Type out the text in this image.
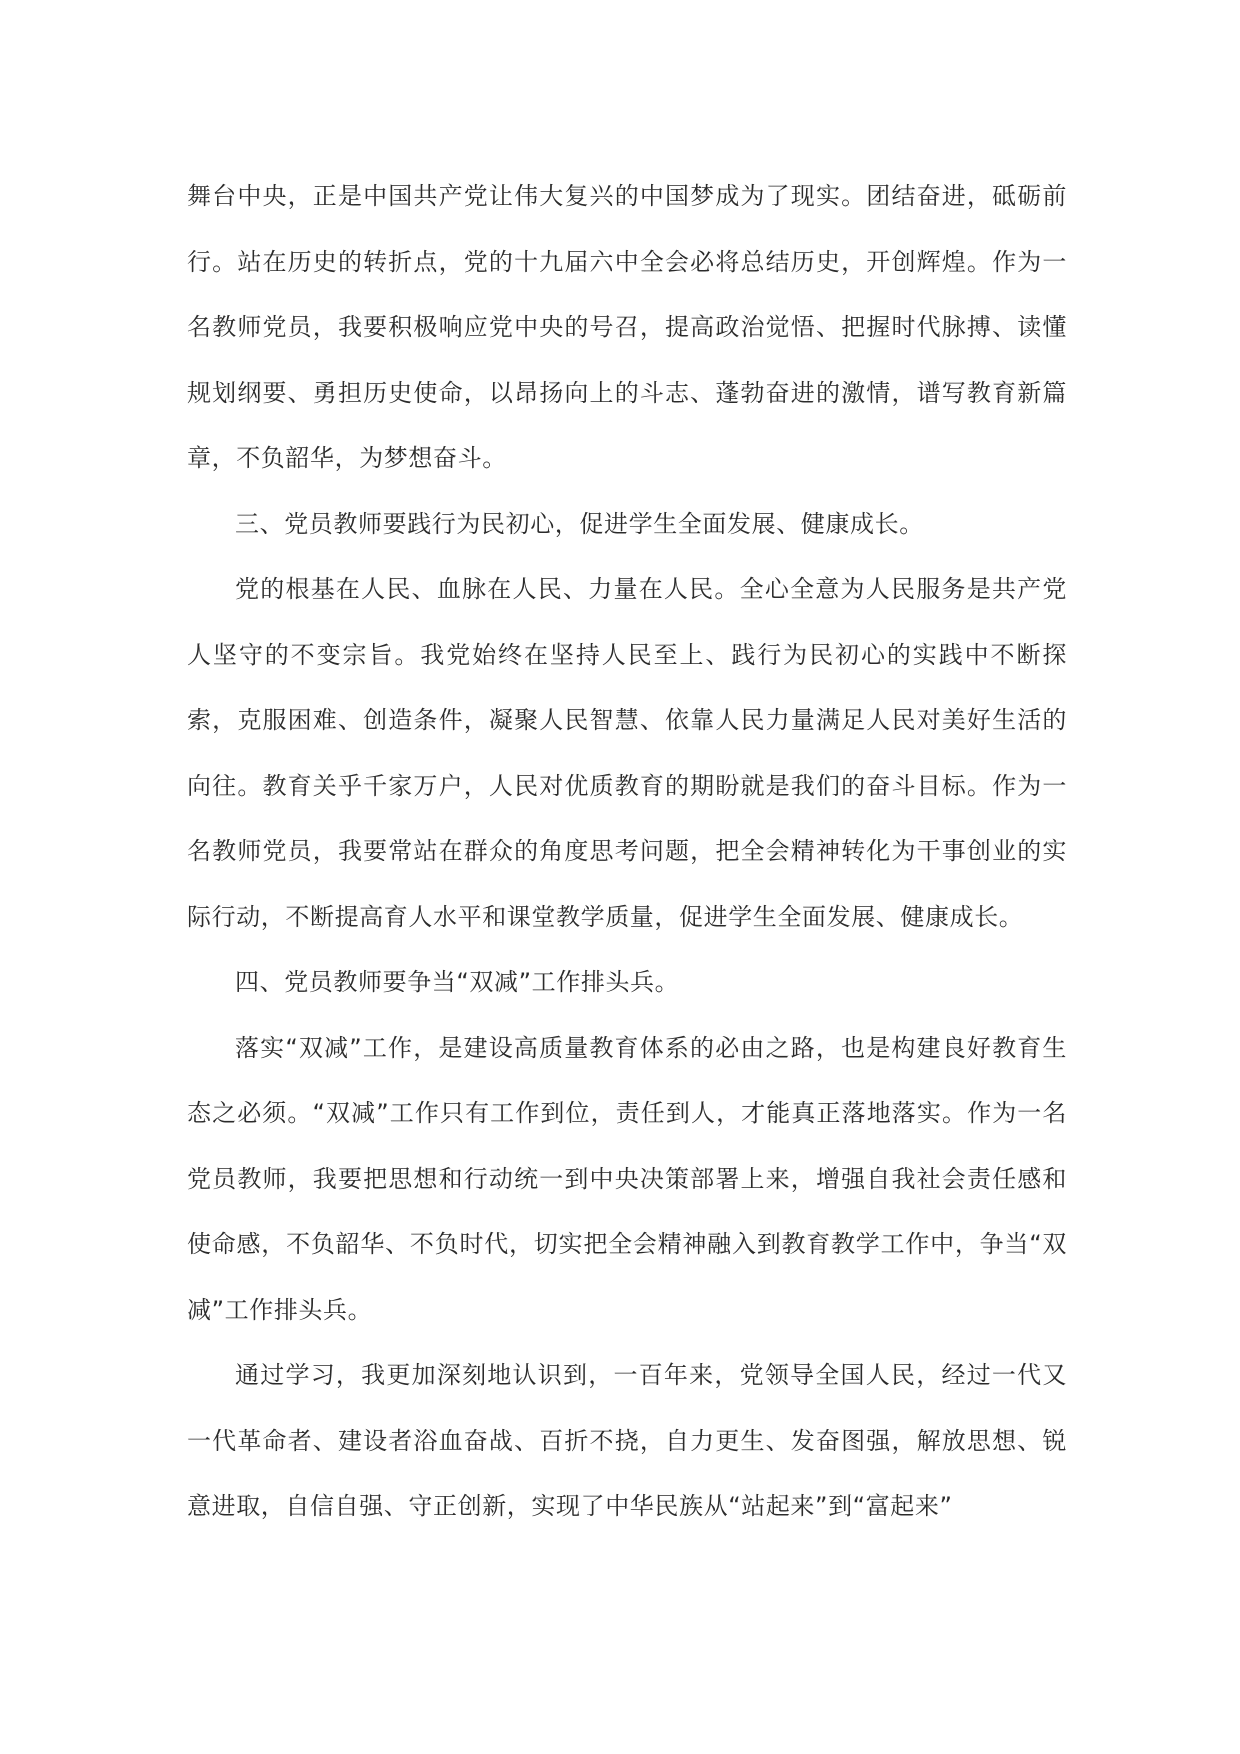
舞台中央，正是中国共产党让伟大复兴的中国梦成为了现实。团结奋进，砥砺前行。站在历史的转折点，党的十九届六中全会必将总结历史，开创辉煌。作为一名教师党员，我要积极响应党中央的号召，提高政治觉悟、把握时代脉搏、读懂规划纲要、勇担历史使命，以昂扬向上的斗志、蓬勃奋进的激情，谱写教育新篇章，不负韶华，为梦想奋斗。

三、党员教师要践行为民初心，促进学生全面发展、健康成长。

党的根基在人民、血脉在人民、力量在人民。全心全意为人民服务是共产党人坚守的不变宗旨。我党始终在坚持人民至上、践行为民初心的实践中不断探索，克服困难、创造条件，凝聚人民智慧、依靠人民力量满足人民对美好生活的向往。教育关乎千家万户，人民对优质教育的期盼就是我们的奋斗目标。作为一名教师党员，我要常站在群众的角度思考问题，把全会精神转化为干事创业的实际行动，不断提高育人水平和课堂教学质量，促进学生全面发展、健康成长。

四、党员教师要争当“双减”工作排头兵。

落实“双减”工作，是建设高质量教育体系的必由之路，也是构建良好教育生态之必须。“双减”工作只有工作到位，责任到人，才能真正落地落实。作为一名党员教师，我要把思想和行动统一到中央决策部署上来，增强自我社会责任感和使命感，不负韶华、不负时代，切实把全会精神融入到教育教学工作中，争当“双减”工作排头兵。

通过学习，我更加深刻地认识到，一百年来，党领导全国人民，经过一代又一代革命者、建设者浴血奋战、百折不挠，自力更生、发奋图强，解放思想、锐意进取，自信自强、守正创新，实现了中华民族从“站起来”到“富起来”
